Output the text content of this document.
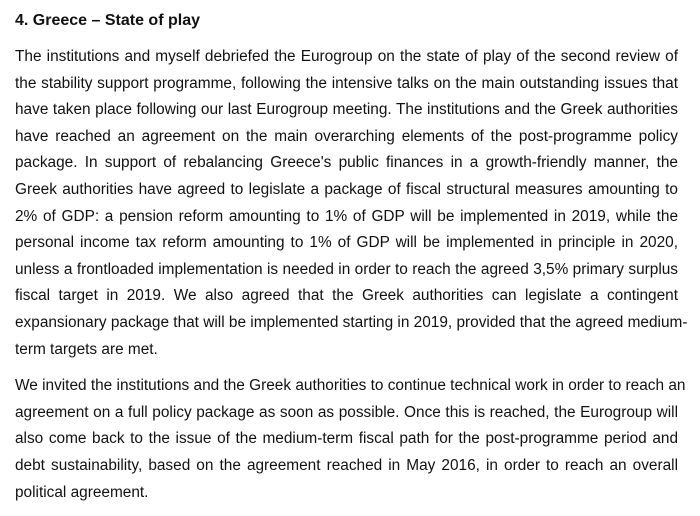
4. Greece – State of play
The institutions and myself debriefed the Eurogroup on the state of play of the second review of
the stability support programme, following the intensive talks on the main outstanding issues that
have taken place following our last Eurogroup meeting. The institutions and the Greek authorities
have reached an agreement on the main overarching elements of the post-programme policy
package. In support of rebalancing Greece's public finances in a growth-friendly manner, the
Greek authorities have agreed to legislate a package of fiscal structural measures amounting to
2% of GDP: a pension reform amounting to 1% of GDP will be implemented in 2019, while the
personal income tax reform amounting to 1% of GDP will be implemented in principle in 2020,
unless a frontloaded implementation is needed in order to reach the agreed 3,5% primary surplus
fiscal target in 2019. We also agreed that the Greek authorities can legislate a contingent
expansionary package that will be implemented starting in 2019, provided that the agreed medium-
term targets are met.
We invited the institutions and the Greek authorities to continue technical work in order to reach an
agreement on a full policy package as soon as possible. Once this is reached, the Eurogroup will
also come back to the issue of the medium-term fiscal path for the post-programme period and
debt sustainability, based on the agreement reached in May 2016, in order to reach an overall
political agreement.
